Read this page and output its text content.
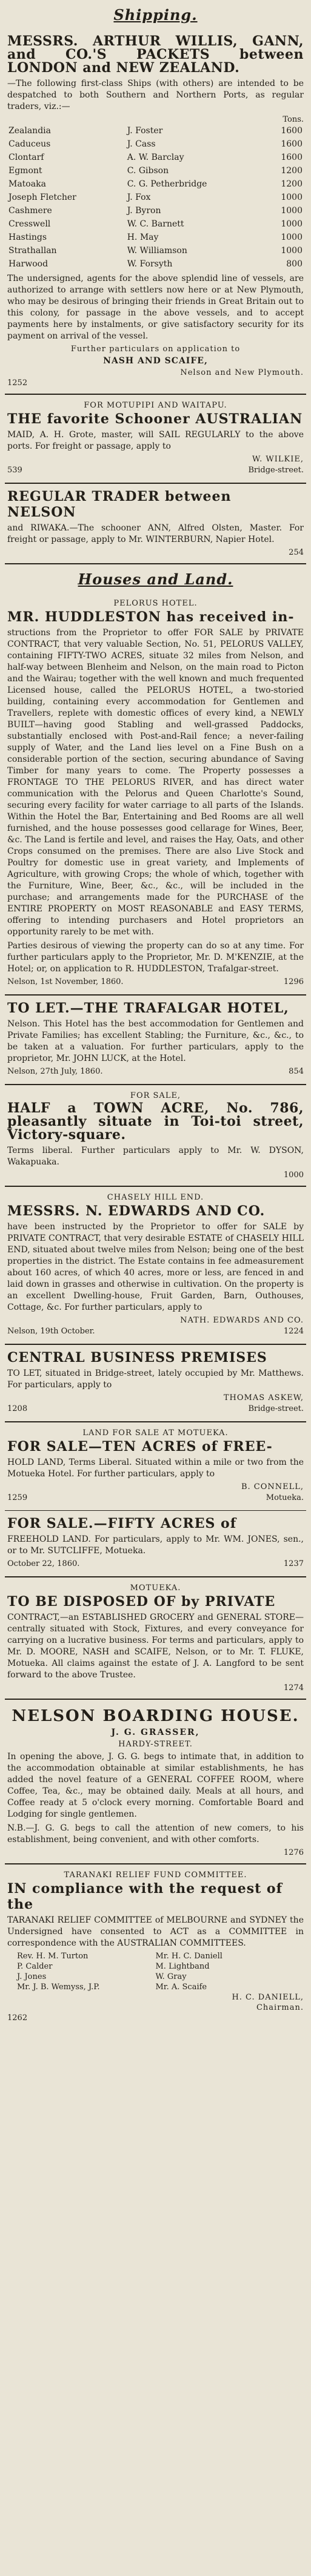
Shipping.
MESSRS. ARTHUR WILLIS, GANN, and CO.'S PACKETS between LONDON and NEW ZEALAND.
—The following first-class Ships (with others) are intended to be despatched to both Southern and Northern Ports, as regular traders, viz.:—
Tons.
Zealandia	J. Foster	1600
Caduceus	J. Cass	1600
Clontarf	A. W. Barclay	1600
Egmont	C. Gibson	1200
Matoaka	C. G. Petherbridge	1200
Joseph Fletcher	J. Fox	1000
Cashmere	J. Byron	1000
Cresswell	W. C. Barnett	1000
Hastings	H. May	1000
Strathallan	W. Williamson	1000
Harwood	W. Forsyth	800
The undersigned, agents for the above splendid line of vessels, are authorized to arrange with settlers now here or at New Plymouth, who may be desirous of bringing their friends in Great Britain out to this colony, for passage in the above vessels, and to accept payments here by instalments, or give satisfactory security for its payment on arrival of the vessel.
Further particulars on application to
NASH AND SCAIFE,
Nelson and New Plymouth.
1252
FOR MOTUPIPI AND WAITAPU.
THE favorite Schooner AUSTRALIAN
MAID, A. H. Grote, master, will SAIL REGULARLY to the above ports. For freight or passage, apply to
W. WILKIE,
539	Bridge-street.
REGULAR TRADER between NELSON
and RIWAKA.—The schooner ANN, Alfred Olsten, Master. For freight or passage, apply to Mr. WINTERBURN, Napier Hotel.
254
Houses and Land.
PELORUS HOTEL.
MR. HUDDLESTON has received in-
structions from the Proprietor to offer FOR SALE by PRIVATE CONTRACT, that very valuable Section, No. 51, PELORUS VALLEY, containing FIFTY-TWO ACRES, situate 32 miles from Nelson, and half-way between Blenheim and Nelson, on the main road to Picton and the Wairau; together with the well known and much frequented Licensed house, called the PELORUS HOTEL, a two-storied building, containing every accommodation for Gentlemen and Travellers, replete with domestic offices of every kind, a NEWLY BUILT—having good Stabling and well-grassed Paddocks, substantially enclosed with Post-and-Rail fence; a never-failing supply of Water, and the Land lies level on a Fine Bush on a considerable portion of the section, securing abundance of Saving Timber for many years to come. The Property possesses a FRONTAGE TO THE PELORUS RIVER, and has direct water communication with the Pelorus and Queen Charlotte's Sound, securing every facility for water carriage to all parts of the Islands. Within the Hotel the Bar, Entertaining and Bed Rooms are all well furnished, and the house possesses good cellarage for Wines, Beer, &c. The Land is fertile and level, and raises the Hay, Oats, and other Crops consumed on the premises. There are also Live Stock and Poultry for domestic use in great variety, and Implements of Agriculture, with growing Crops; the whole of which, together with the Furniture, Wine, Beer, &c., &c., will be included in the purchase; and arrangements made for the PURCHASE of the ENTIRE PROPERTY on MOST REASONABLE and EASY TERMS, offering to intending purchasers and Hotel proprietors an opportunity rarely to be met with.
Parties desirous of viewing the property can do so at any time. For further particulars apply to the Proprietor, Mr. D. M'KENZIE, at the Hotel; or, on application to R. HUDDLESTON, Trafalgar-street.
Nelson, 1st November, 1860.	1296
TO LET.—THE TRAFALGAR HOTEL,
Nelson. This Hotel has the best accommodation for Gentlemen and Private Families; has excellent Stabling; the Furniture, &c., &c., to be taken at a valuation. For further particulars, apply to the proprietor, Mr. JOHN LUCK, at the Hotel.
Nelson, 27th July, 1860.	854
FOR SALE,
HALF a TOWN ACRE, No. 786, pleasantly situate in Toi-toi street, Victory-square.
Terms liberal. Further particulars apply to Mr. W. DYSON, Wakapuaka.
1000
CHASELY HILL END.
MESSRS. N. EDWARDS AND CO.
have been instructed by the Proprietor to offer for SALE by PRIVATE CONTRACT, that very desirable ESTATE of CHASELY HILL END, situated about twelve miles from Nelson; being one of the best properties in the district. The Estate contains in fee admeasurement about 160 acres, of which 40 acres, more or less, are fenced in and laid down in grasses and otherwise in cultivation. On the property is an excellent Dwelling-house, Fruit Garden, Barn, Outhouses, Cottage, &c. For further particulars, apply to
NATH. EDWARDS AND CO.
Nelson, 19th October.	1224
CENTRAL BUSINESS PREMISES
TO LET, situated in Bridge-street, lately occupied by Mr. Matthews. For particulars, apply to
THOMAS ASKEW,
1208	Bridge-street.
LAND FOR SALE AT MOTUEKA.
FOR SALE—TEN ACRES of FREE-
HOLD LAND, Terms Liberal. Situated within a mile or two from the Motueka Hotel. For further particulars, apply to
B. CONNELL,
1259	Motueka.
FOR SALE.—FIFTY ACRES of
FREEHOLD LAND. For particulars, apply to Mr. WM. JONES, sen., or to Mr. SUTCLIFFE, Motueka.
October 22, 1860.	1237
MOTUEKA.
TO BE DISPOSED OF by PRIVATE
CONTRACT,—an ESTABLISHED GROCERY and GENERAL STORE—centrally situated with Stock, Fixtures, and every conveyance for carrying on a lucrative business. For terms and particulars, apply to Mr. D. MOORE, NASH and SCAIFE, Nelson, or to Mr. T. FLUKE, Motueka. All claims against the estate of J. A. Langford to be sent forward to the above Trustee.
1274
NELSON BOARDING HOUSE.
J. G. GRASSER,
HARDY-STREET.
In opening the above, J. G. G. begs to intimate that, in addition to the accommodation obtainable at similar establishments, he has added the novel feature of a GENERAL COFFEE ROOM, where Coffee, Tea, &c., may be obtained daily. Meals at all hours, and Coffee ready at 5 o'clock every morning. Comfortable Board and Lodging for single gentlemen.
N.B.—J. G. G. begs to call the attention of new comers, to his establishment, being convenient, and with other comforts.
1276
TARANAKI RELIEF FUND COMMITTEE.
IN compliance with the request of the
TARANAKI RELIEF COMMITTEE of MELBOURNE and SYDNEY the Undersigned have consented to ACT as a COMMITTEE in correspondence with the AUSTRALIAN COMMITTEES.
Rev. H. M. Turton	Mr. H. C. Daniell
P. Calder	M. Lightband
J. Jones	W. Gray
Mr. J. B. Wemyss, J.P.	Mr. A. Scaife
H. C. DANIELL,
Chairman.
1262
